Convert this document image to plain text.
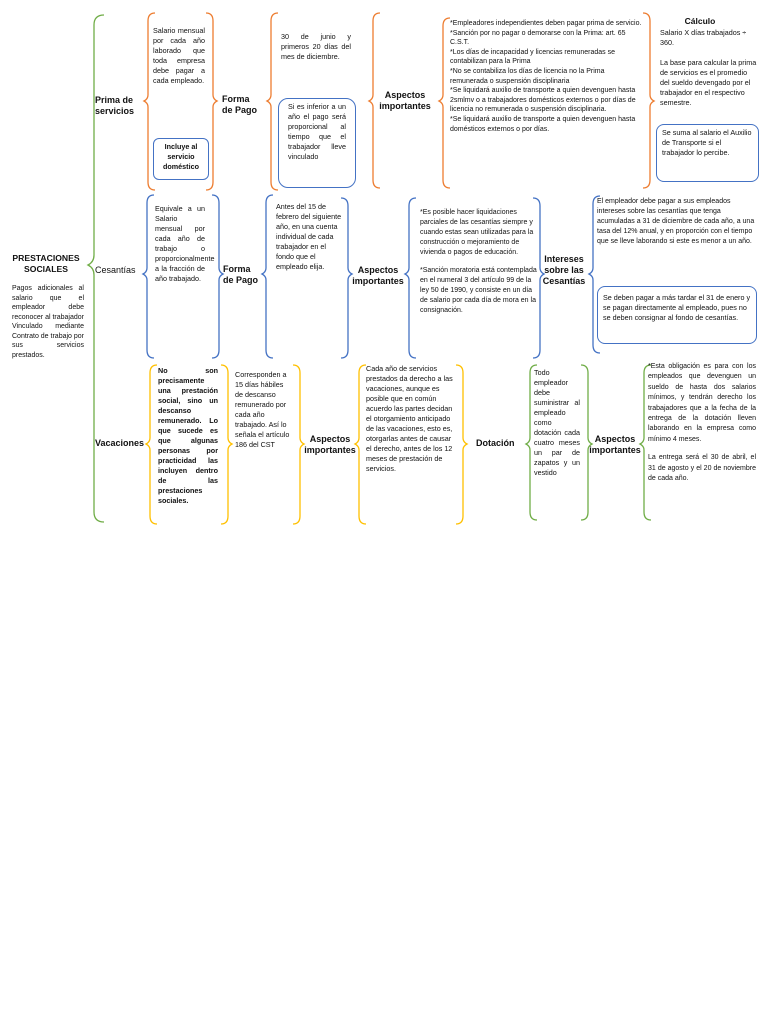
PRESTACIONES SOCIALES
Pagos adicionales al salario que el empleador debe reconocer al trabajador Vinculado mediante Contrato de trabajo por sus servicios prestados.
Prima de servicios
Cesantías
Vacaciones
Salario mensual por cada año laborado que toda empresa debe pagar a cada empleado.
Incluye al servicio doméstico
Forma de Pago
30 de junio y primeros 20 días del mes de diciembre.
Si es inferior a un año el pago será proporcional al tiempo que el trabajador lleve vinculado
Aspectos importantes

*Empleadores independientes deben pagar prima de servicio.

*Sanción por no pagar o demorarse con la Prima: art. 65 C.S.T.

*Los días de incapacidad y licencias remuneradas se contabilizan para la Prima

*No se contabiliza los días de licencia no la Prima remunerada o suspensión disciplinaria

*Se liquidará auxilio de transporte a quien devenguen hasta 2smlmv o a trabajadores domésticos externos o por días de licencia no remunerada o suspensión disciplinaria.

*Se liquidará auxilio de transporte a quien devenguen hasta domésticos externos o por días.

Cálculo
Salario X días trabajados ÷ 360.
La base para calcular la prima de servicios es el promedio del sueldo devengado por el trabajador en el respectivo semestre.
Se suma al salario el Auxilio de Transporte si el trabajador lo percibe.
Equivale a un Salario mensual por cada año de trabajo o proporcionalmente a la fracción de año trabajado.
Forma de Pago
Antes del 15 de febrero del siguiente año, en una cuenta individual de cada trabajador en el fondo que el empleado elija.	Aspectos importantes

*Es posible hacer liquidaciones parciales de las cesantías siempre y cuando estas sean utilizadas para la construcción o mejoramiento de vivienda o pagos de educación.

*Sanción moratoria está contemplada en el numeral 3 del artículo 99 de la ley 50 de 1990, y consiste en un día de salario por cada día de mora en la consignación.

Intereses sobre las Cesantías
El empleador debe pagar a sus empleados intereses sobre las cesantías que tenga acumuladas a 31 de diciembre de cada año, a una tasa del 12% anual, y en proporción con el tiempo que se lleve laborando si este es menor a un año.
Se deben pagar a más tardar el 31 de enero y se pagan directamente al empleado, pues no se deben consignar al fondo de cesantías.
No son precisamente una prestación social, sino un descanso remunerado. Lo que sucede es que algunas personas por practicidad las incluyen dentro de las prestaciones sociales.
Corresponden a 15 días hábiles de descanso remunerado por cada año trabajado. Así lo señala el artículo 186 del CST
Aspectos importantes
Cada año de servicios prestados da derecho a las vacaciones, aunque es posible que en común acuerdo las partes decidan el otorgamiento anticipado de las vacaciones, esto es, otorgarlas antes de causar el derecho, antes de los 12 meses de prestación de servicios.
Dotación
Todo empleador debe suministrar al empleado como dotación cada cuatro meses un par de zapatos y un vestido
Aspectos importantes

*Esta obligación es para con los empleados que devenguen un sueldo de hasta dos salarios mínimos, y tendrán derecho los trabajadores que a la fecha de la entrega de la dotación lleven laborando en la empresa como mínimo 4 meses.

La entrega será el 30 de abril, el 31 de agosto y el 20 de noviembre de cada año.
